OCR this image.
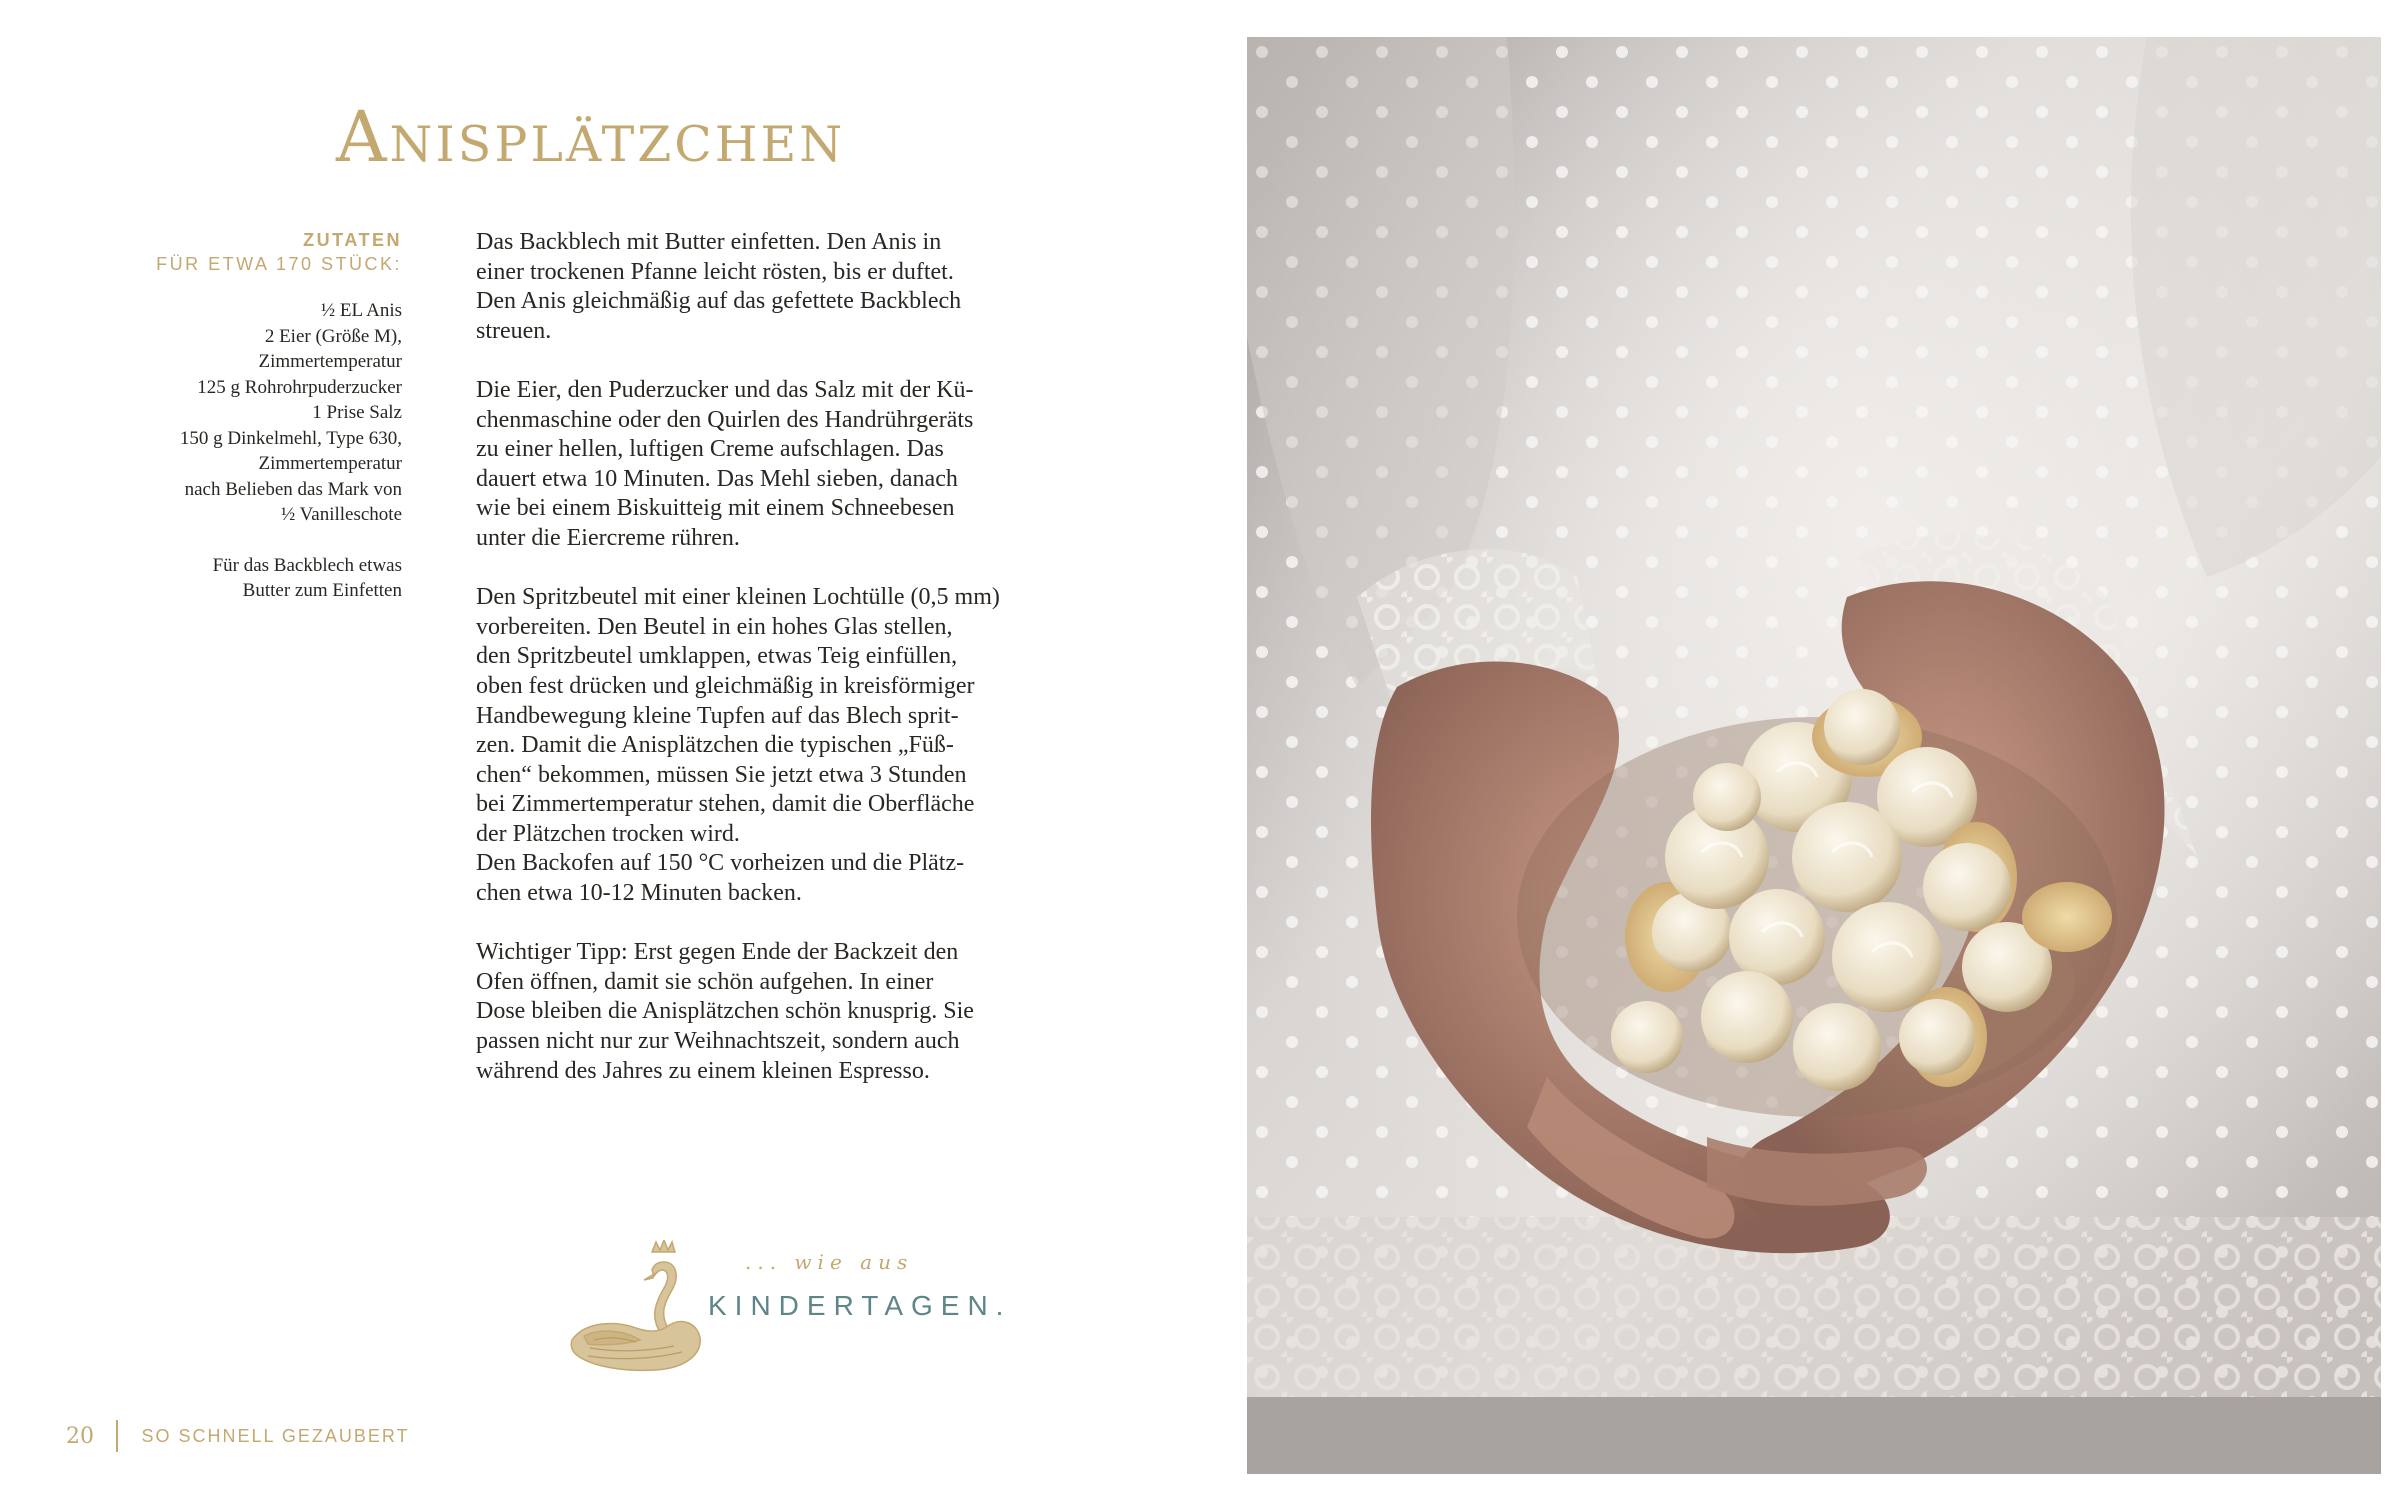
Anisplätzchen
ZUTATEN
FÜR ETWA 170 STÜCK:
½ EL Anis
2 Eier (Größe M),
Zimmertemperatur
125 g Rohrohrpuderzucker
1 Prise Salz
150 g Dinkelmehl, Type 630,
Zimmertemperatur
nach Belieben das Mark von
½ Vanilleschote
Für das Backblech etwas
Butter zum Einfetten

Das Backblech mit Butter einfetten. Den Anis in
einer trockenen Pfanne leicht rösten, bis er duftet.
Den Anis gleichmäßig auf das gefettete Backblech
streuen.

Die Eier, den Puderzucker und das Salz mit der Kü-
chenmaschine oder den Quirlen des Handrührgeräts
zu einer hellen, luftigen Creme aufschlagen. Das
dauert etwa 10 Minuten. Das Mehl sieben, danach
wie bei einem Biskuitteig mit einem Schneebesen
unter die Eiercreme rühren.

Den Spritzbeutel mit einer kleinen Lochtülle (0,5 mm)
vorbereiten. Den Beutel in ein hohes Glas stellen,
den Spritzbeutel umklappen, etwas Teig einfüllen,
oben fest drücken und gleichmäßig in kreisförmiger
Handbewegung kleine Tupfen auf das Blech sprit-
zen. Damit die Anisplätzchen die typischen „Füß-
chen“ bekommen, müssen Sie jetzt etwa 3 Stunden
bei Zimmertemperatur stehen, damit die Oberfläche
der Plätzchen trocken wird.
Den Backofen auf 150 °C vorheizen und die Plätz-
chen etwa 10-12 Minuten backen.

Wichtiger Tipp: Erst gegen Ende der Backzeit den
Ofen öffnen, damit sie schön aufgehen. In einer
Dose bleiben die Anisplätzchen schön knusprig. Sie
passen nicht nur zur Weihnachtszeit, sondern auch
während des Jahres zu einem kleinen Espresso.

... wie aus
KINDERTAGEN.
20	SO SCHNELL GEZAUBERT
